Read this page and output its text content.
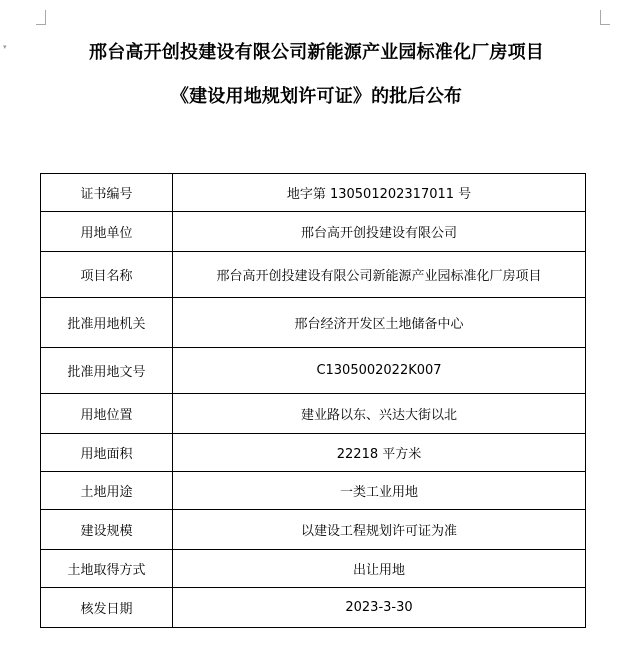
▾	邢台高开创投建设有限公司新能源产业园标准化厂房项目
《建设用地规划许可证》的批后公布
证书编号	地字第 130501202317011 号
用地单位	邢台高开创投建设有限公司
项目名称	邢台高开创投建设有限公司新能源产业园标准化厂房项目
批准用地机关	邢台经济开发区土地储备中心
批准用地文号	C1305002022K007
用地位置	建业路以东、兴达大街以北
用地面积	22218 平方米
土地用途	一类工业用地
建设规模	以建设工程规划许可证为准
土地取得方式	出让用地
核发日期	2023-3-30
